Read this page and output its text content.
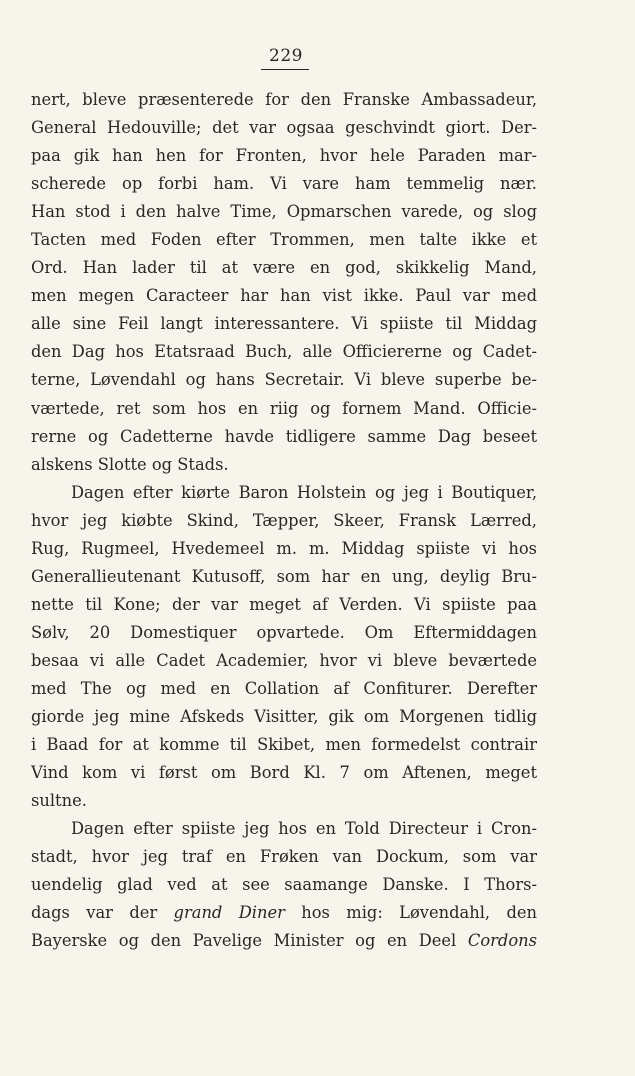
229
nert, bleve præsenterede for den Franske Ambassadeur,
General Hedouville; det var ogsaa geschvindt giort. Der-
paa gik han hen for Fronten, hvor hele Paraden mar-
scherede op forbi ham. Vi vare ham temmelig nær.
Han stod i den halve Time, Opmarschen varede, og slog
Tacten med Foden efter Trommen, men talte ikke et
Ord. Han lader til at være en god, skikkelig Mand,
men megen Caracteer har han vist ikke. Paul var med
alle sine Feil langt interessantere. Vi spiiste til Middag
den Dag hos Etatsraad Buch, alle Officiererne og Cadet-
terne, Løvendahl og hans Secretair. Vi bleve superbe be-
værtede, ret som hos en riig og fornem Mand. Officie-
rerne og Cadetterne havde tidligere samme Dag beseet
alskens Slotte og Stads.
Dagen efter kiørte Baron Holstein og jeg i Boutiquer,
hvor jeg kiøbte Skind, Tæpper, Skeer, Fransk Lærred,
Rug, Rugmeel, Hvedemeel m. m. Middag spiiste vi hos
Generallieutenant Kutusoff, som har en ung, deylig Bru-
nette til Kone; der var meget af Verden. Vi spiiste paa
Sølv, 20 Domestiquer opvartede. Om Eftermiddagen
besaa vi alle Cadet Academier, hvor vi bleve beværtede
med The og med en Collation af Confiturer. Derefter
giorde jeg mine Afskeds Visitter, gik om Morgenen tidlig
i Baad for at komme til Skibet, men formedelst contrair
Vind kom vi først om Bord Kl. 7 om Aftenen, meget
sultne.
Dagen efter spiiste jeg hos en Told Directeur i Cron-
stadt, hvor jeg traf en Frøken van Dockum, som var
uendelig glad ved at see saamange Danske. I Thors-
dags var der grand Diner hos mig: Løvendahl, den
Bayerske og den Pavelige Minister og en Deel Cordons
